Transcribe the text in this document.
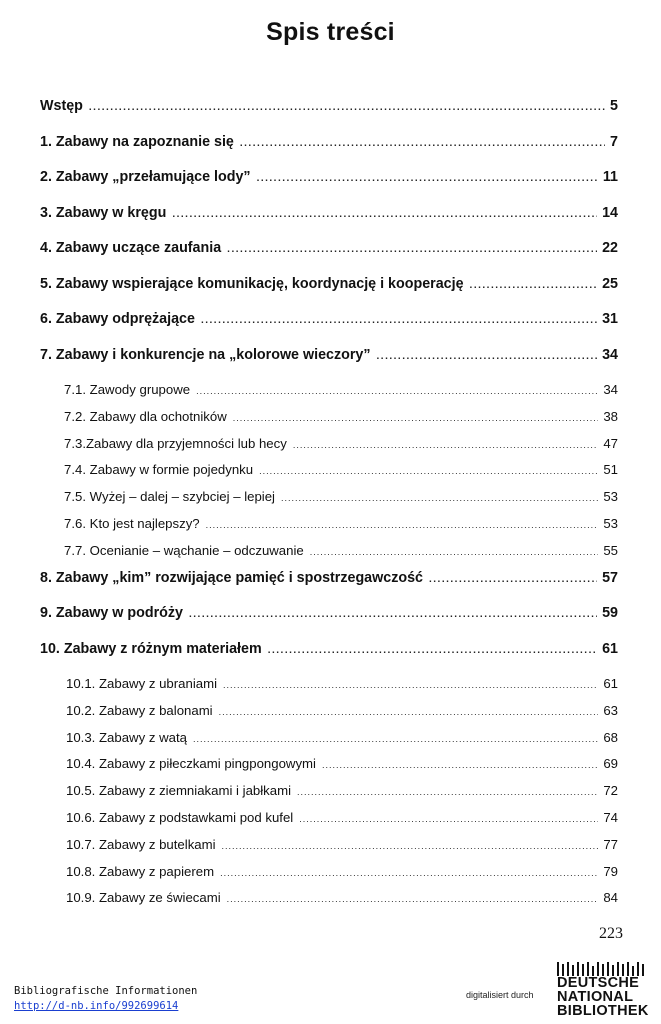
Spis treści
Wstęp .....	5
1. Zabawy na zapoznanie się .....	7
2. Zabawy „przełamujące lody” .....	11
3. Zabawy w kręgu .....	14
4. Zabawy uczące zaufania .....	22
5. Zabawy wspierające komunikację, koordynację i kooperację .....	25
6. Zabawy odprężające .....	31
7. Zabawy i konkurencje na „kolorowe wieczory” .....	34
7.1. Zawody grupowe .....	34
7.2. Zabawy dla ochotników .....	38
7.3.Zabawy dla przyjemności lub hecy .....	47
7.4. Zabawy w formie pojedynku .....	51
7.5. Wyżej – dalej – szybciej – lepiej .....	53
7.6. Kto jest najlepszy? .....	53
7.7. Ocenianie – wąchanie – odczuwanie .....	55
8. Zabawy „kim” rozwijające pamięć i spostrzegawczość .....	57
9. Zabawy w podróży .....	59
10. Zabawy z różnym materiałem .....	61
10.1. Zabawy z ubraniami .....	61
10.2. Zabawy z balonami .....	63
10.3. Zabawy z watą .....	68
10.4. Zabawy z piłeczkami pingpongowymi .....	69
10.5. Zabawy z ziemniakami i jabłkami .....	72
10.6. Zabawy z podstawkami pod kufel .....	74
10.7. Zabawy z butelkami .....	77
10.8. Zabawy z papierem .....	79
10.9. Zabawy ze świecami .....	84
223
Bibliografische Informationen
http://d-nb.info/992699614
digitalisiert durch
DEUTSCHE
NATIONAL
BIBLIOTHEK
